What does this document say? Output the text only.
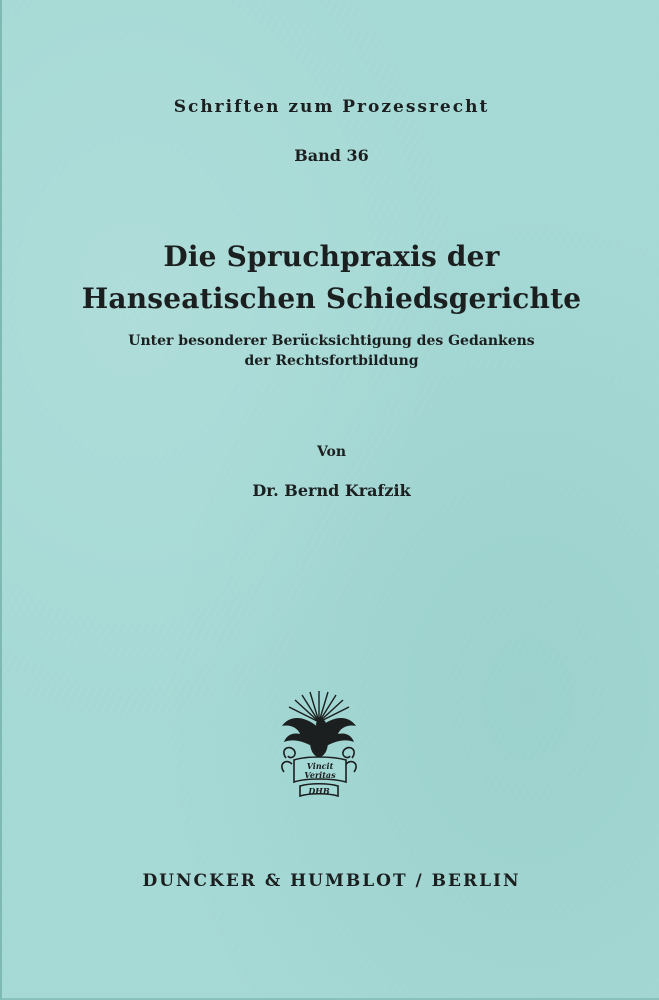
Schriften zum Prozessrecht
Band 36
Die Spruchpraxis der
Hanseatischen Schiedsgerichte
Unter besonderer Berücksichtigung des Gedankens
der Rechtsfortbildung
Von
Dr. Bernd Krafzik
Vincit
Veritas
DHB
DUNCKER & HUMBLOT / BERLIN
